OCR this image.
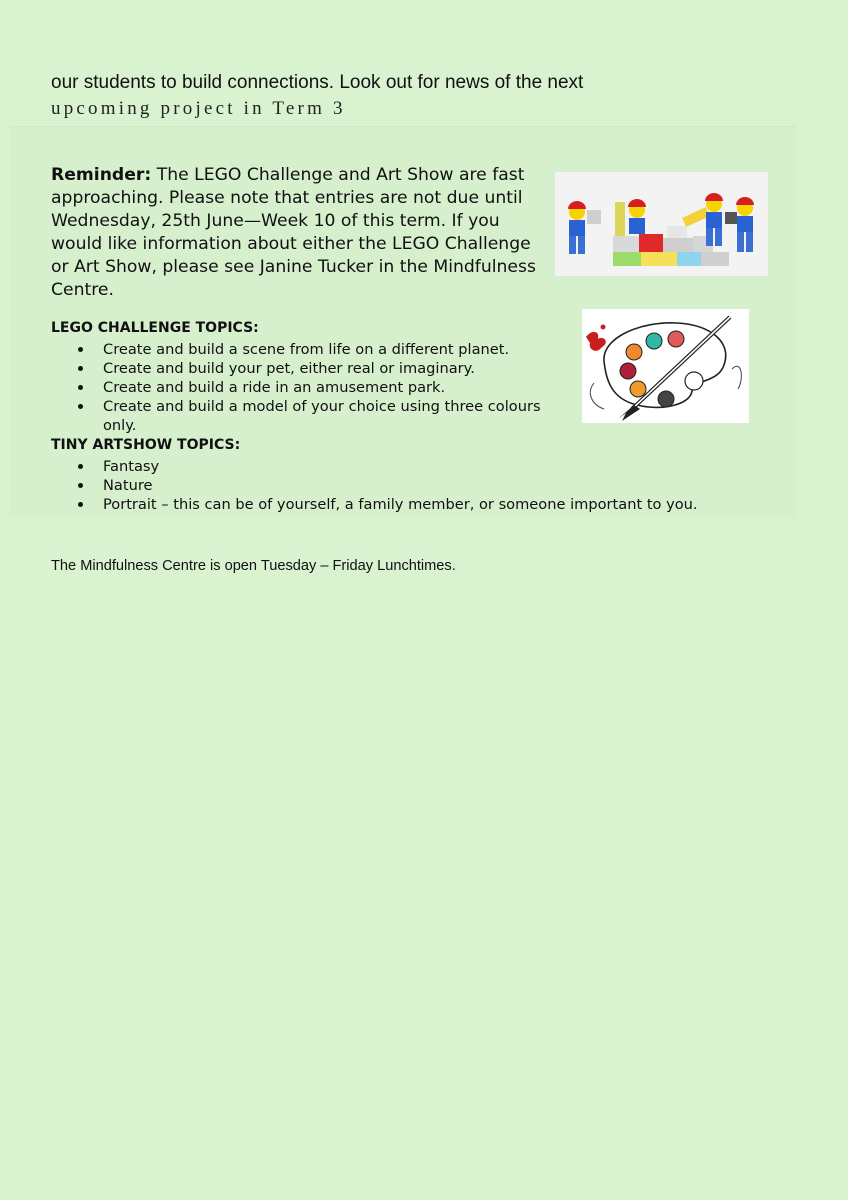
our students to build connections. Look out for news of the next
upcoming project in Term 3

Reminder: The LEGO Challenge and Art Show are fast approaching. Please note that entries are not due until Wednesday, 25th June—Week 10 of this term. If you would like information about either the LEGO Challenge or Art Show, please see Janine Tucker in the Mindfulness Centre.

LEGO CHALLENGE TOPICS:
Create and build a scene from life on a different planet.
Create and build your pet, either real or imaginary.
Create and build a ride in an amusement park.
Create and build a model of your choice using three colours only.
TINY ARTSHOW TOPICS:
Fantasy
Nature
Portrait – this can be of yourself, a family member, or someone important to you.
The Mindfulness Centre is open Tuesday – Friday Lunchtimes.
